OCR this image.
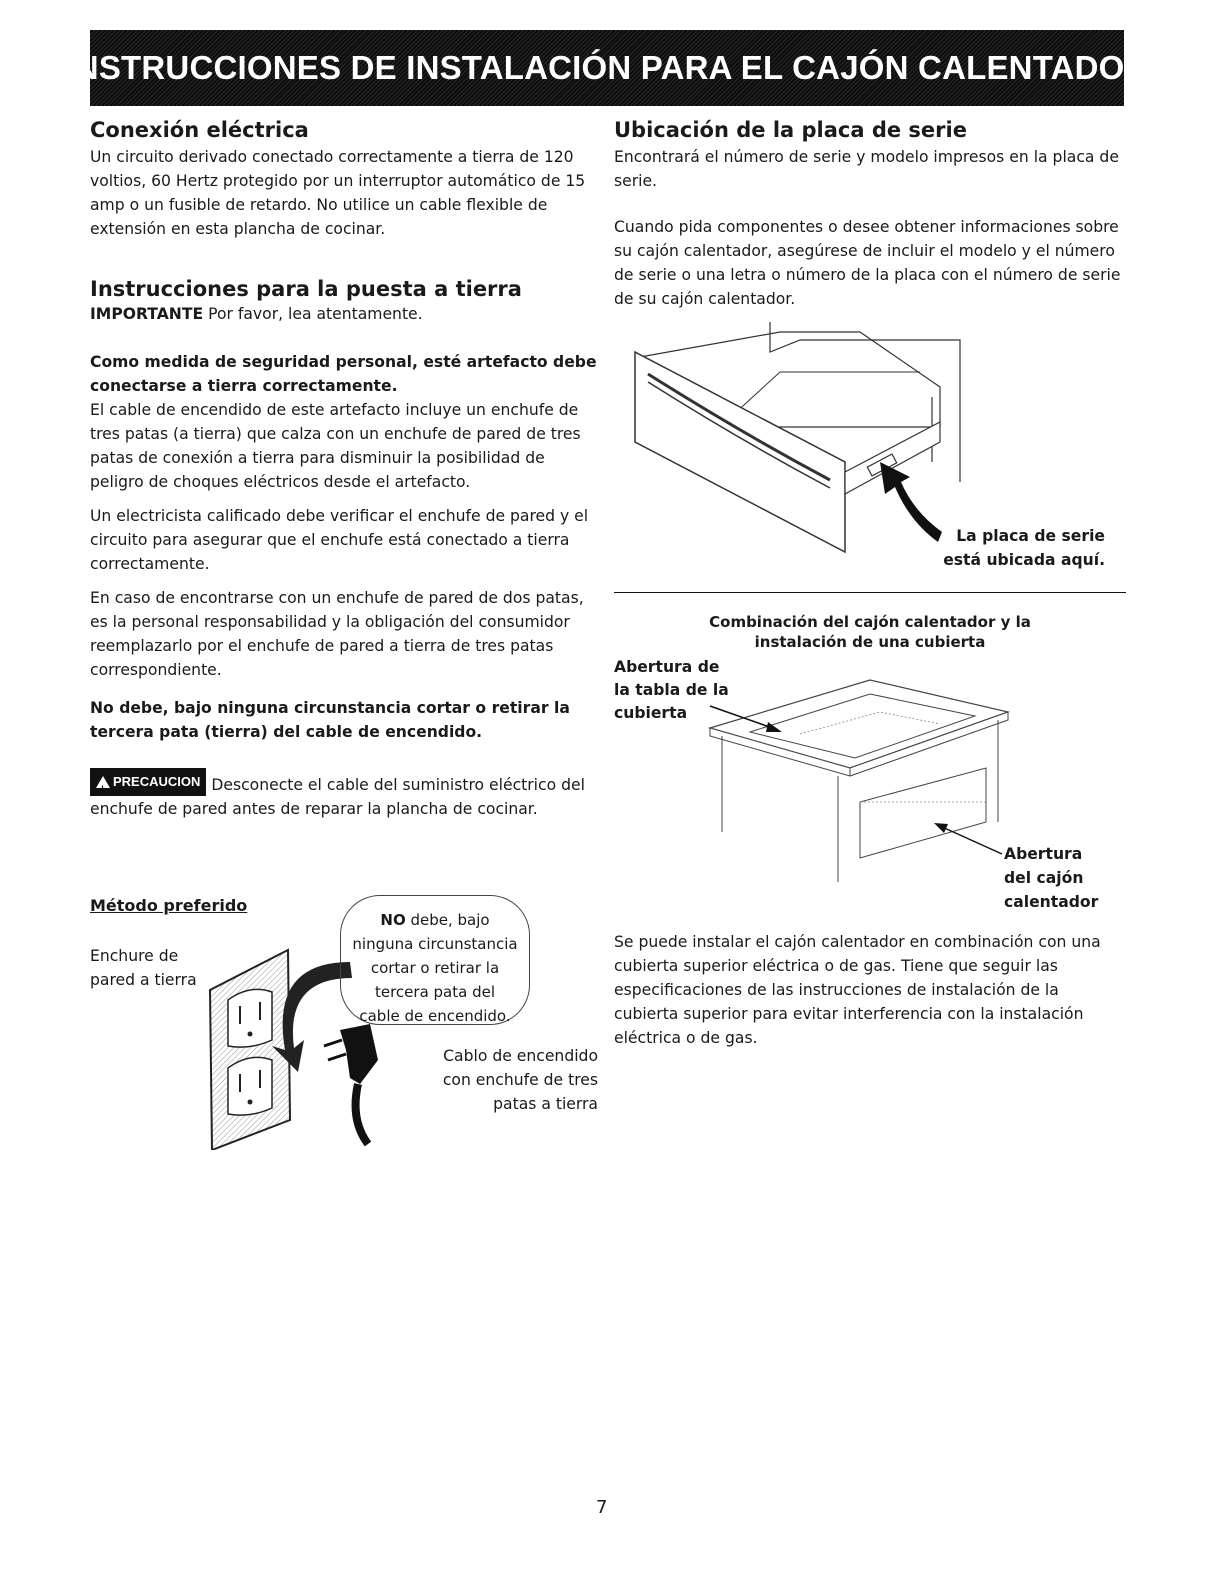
INSTRUCCIONES DE INSTALACIÓN PARA EL CAJÓN CALENTADOR
Conexión eléctrica

Un circuito derivado conectado correctamente a tierra de 120 voltios, 60 Hertz protegido por un interruptor automático de 15 amp o un fusible de retardo. No utilice un cable flexible de extensión en esta plancha de cocinar.

Instrucciones para la puesta a tierra

IMPORTANTE Por favor, lea atentamente.

Como medida de seguridad personal, esté artefacto debe conectarse a tierra correctamente.

El cable de encendido de este artefacto incluye un enchufe de tres patas (a tierra) que calza con un enchufe de pared de tres patas de conexión a tierra para disminuir la posibilidad de peligro de choques eléctricos desde el artefacto.

Un electricista calificado debe verificar el enchufe de pared y el circuito para asegurar que el enchufe está conectado a tierra correctamente.

En caso de encontrarse con un enchufe de pared de dos patas, es la personal responsabilidad y la obligación del consumidor reemplazarlo por el enchufe de pared a tierra de tres patas correspondiente.

No debe, bajo ninguna circunstancia cortar o retirar la tercera pata (tierra) del cable de encendido.

! PRECAUCION Desconecte el cable del suministro eléctrico del enchufe de pared antes de reparar la plancha de cocinar.

Método preferido
Enchure de
pared a tierra
NO debe, bajo
ninguna circunstancia
cortar o retirar la
tercera pata del
cable de encendido.
Cablo de encendido
con enchufe de tres
patas a tierra
Ubicación de la placa de serie

Encontrará el número de serie y modelo impresos en la placa de serie.

Cuando pida componentes o desee obtener informaciones sobre su cajón calentador, asegúrese de incluir el modelo y el número de serie o una letra o número de la placa con el número de serie de su cajón calentador.

La placa de serie
está ubicada aquí.
Combinación del cajón calentador y la
instalación de una cubierta
Abertura de
la tabla de la
cubierta
Abertura
del cajón
calentador

Se puede instalar el cajón calentador en combinación con una cubierta superior eléctrica o de gas. Tiene que seguir las especificaciones de las instrucciones de instalación de la cubierta superior para evitar interferencia con la instalación eléctrica o de gas.

7
